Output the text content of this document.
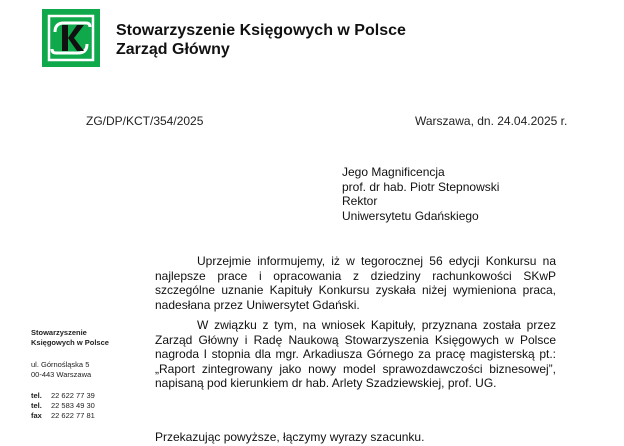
Stowarzyszenie Księgowych w Polsce
Zarząd Główny
ZG/DP/KCT/354/2025	Warszawa, dn. 24.04.2025 r.
Jego Magnificencja
prof. dr hab. Piotr Stepnowski
Rektor
Uniwersytetu Gdańskiego

Uprzejmie informujemy, iż w tegorocznej 56 edycji Konkursu na najlepsze prace i opracowania z dziedziny rachunkowości SKwP szczególne uznanie Kapituły Konkursu zyskała niżej wymieniona praca, nadesłana przez Uniwersytet Gdański.

W związku z tym, na wniosek Kapituły, przyznana została przez Zarząd Główny i Radę Naukową Stowarzyszenia Księgowych w Polsce nagroda I stopnia dla mgr. Arkadiusza Górnego za pracę magisterską pt.: „Raport zintegrowany jako nowy model sprawozdawczości biznesowej”, napisaną pod kierunkiem dr hab. Arlety Szadziewskiej, prof. UG.

Przekazując powyższe, łączymy wyrazy szacunku.

Stowarzyszenie
Księgowych w Polsce
ul. Górnośląska 5
00-443 Warszawa
tel.	22 622 77 39
tel.	22 583 49 30
fax	22 622 77 81
